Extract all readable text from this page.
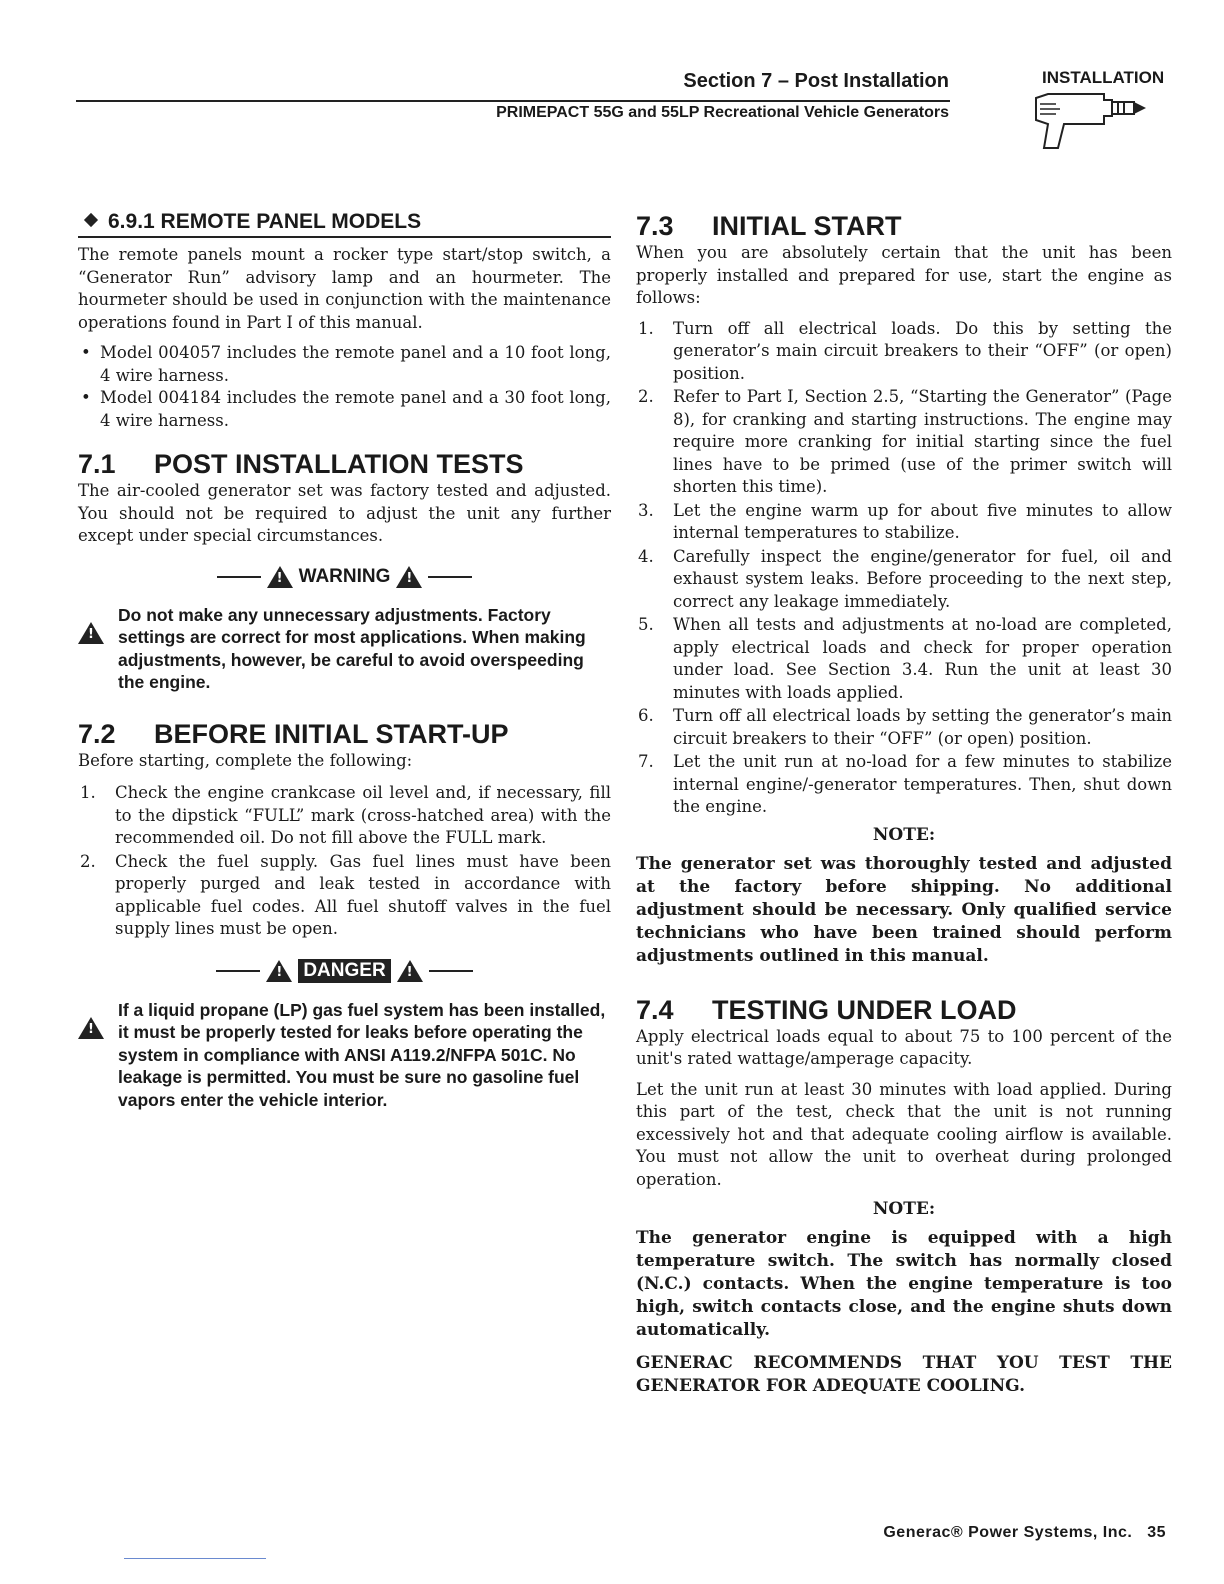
Section 7 – Post Installation
PRIMEPACT 55G and 55LP Recreational Vehicle Generators
INSTALLATION
6.9.1 REMOTE PANEL MODELS

The remote panels mount a rocker type start/stop switch, a “Generator Run” advisory lamp and an hourmeter. The hourmeter should be used in conjunction with the maintenance operations found in Part I of this manual.

• Model 004057 includes the remote panel and a 10 foot long, 4 wire harness.
• Model 004184 includes the remote panel and a 30 foot long, 4 wire harness.
7.1 POST INSTALLATION TESTS

The air-cooled generator set was factory tested and adjusted. You should not be required to adjust the unit any further except under special circumstances.

!
WARNING
!
!

Do not make any unnecessary adjustments. Factory settings are correct for most applications. When making adjustments, however, be careful to avoid overspeeding the engine.

7.2 BEFORE INITIAL START-UP

Before starting, complete the following:

1. Check the engine crankcase oil level and, if necessary, fill to the dipstick “FULL” mark (cross-hatched area) with the recommended oil. Do not fill above the FULL mark.
2. Check the fuel supply. Gas fuel lines must have been properly purged and leak tested in accordance with applicable fuel codes. All fuel shutoff valves in the fuel supply lines must be open.
!
DANGER
!
!

If a liquid propane (LP) gas fuel system has been installed, it must be properly tested for leaks before operating the system in compliance with ANSI A119.2/NFPA 501C. No leakage is permitted. You must be sure no gasoline fuel vapors enter the vehicle interior.

7.3 INITIAL START

When you are absolutely certain that the unit has been properly installed and prepared for use, start the engine as follows:

1. Turn off all electrical loads. Do this by setting the generator’s main circuit breakers to their “OFF” (or open) position.
2. Refer to Part I, Section 2.5, “Starting the Generator” (Page 8), for cranking and starting instructions. The engine may require more cranking for initial starting since the fuel lines have to be primed (use of the primer switch will shorten this time).
3. Let the engine warm up for about five minutes to allow internal temperatures to stabilize.
4. Carefully inspect the engine/generator for fuel, oil and exhaust system leaks. Before proceeding to the next step, correct any leakage immediately.
5. When all tests and adjustments at no-load are completed, apply electrical loads and check for proper operation under load. See Section 3.4. Run the unit at least 30 minutes with loads applied.
6. Turn off all electrical loads by setting the generator’s main circuit breakers to their “OFF” (or open) position.
7. Let the unit run at no-load for a few minutes to stabilize internal engine/-generator temperatures. Then, shut down the engine.
NOTE:

The generator set was thoroughly tested and adjusted at the factory before shipping. No additional adjustment should be necessary. Only qualified service technicians who have been trained should perform adjustments outlined in this manual.

7.4 TESTING UNDER LOAD

Apply electrical loads equal to about 75 to 100 percent of the unit's rated wattage/amperage capacity.

Let the unit run at least 30 minutes with load applied. During this part of the test, check that the unit is not running excessively hot and that adequate cooling airflow is available. You must not allow the unit to overheat during prolonged operation.

NOTE:

The generator engine is equipped with a high temperature switch. The switch has normally closed (N.C.) contacts. When the engine temperature is too high, switch contacts close, and the engine shuts down automatically.

GENERAC RECOMMENDS THAT YOU TEST THE GENERATOR FOR ADEQUATE COOLING.

Generac® Power Systems, Inc. 35
